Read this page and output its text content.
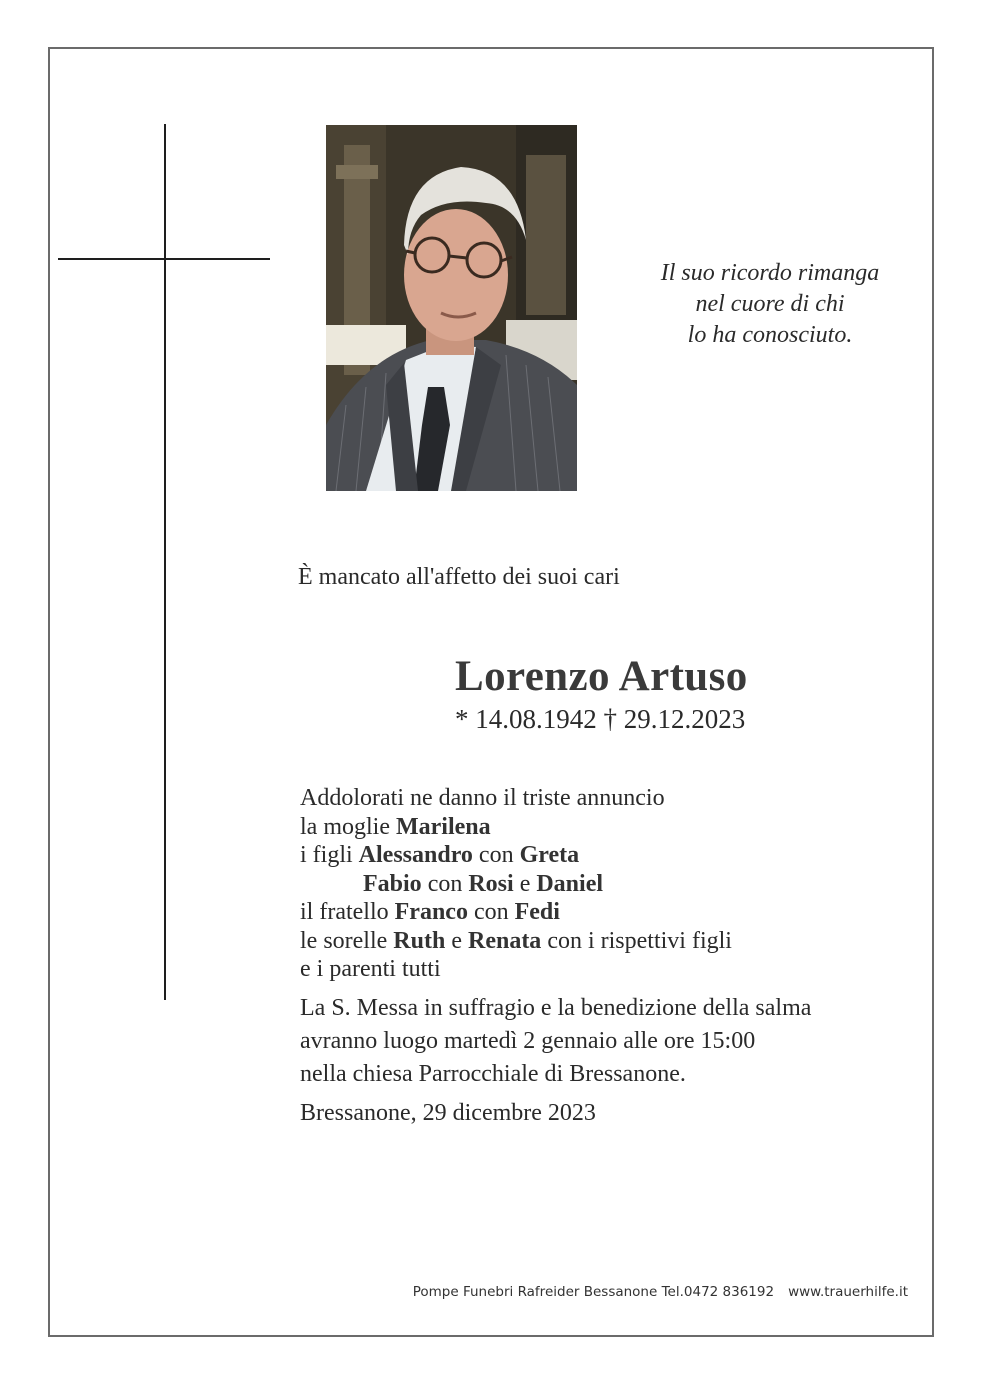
Il suo ricordo rimanga
nel cuore di chi
lo ha conosciuto.
È mancato all'affetto dei suoi cari
Lorenzo Artuso
* 14.08.1942 † 29.12.2023
Addolorati ne danno il triste annuncio
la moglie Marilena
i figli Alessandro con Greta
Fabio con Rosi e Daniel
il fratello Franco con Fedi
le sorelle Ruth e Renata con i rispettivi figli
e i parenti tutti
La S. Messa in suffragio e la benedizione della salma
avranno luogo martedì 2 gennaio alle ore 15:00
nella chiesa Parrocchiale di Bressanone.
Bressanone, 29 dicembre 2023
Pompe Funebri Rafreider Bessanone Tel.0472 836192 www.trauerhilfe.it
